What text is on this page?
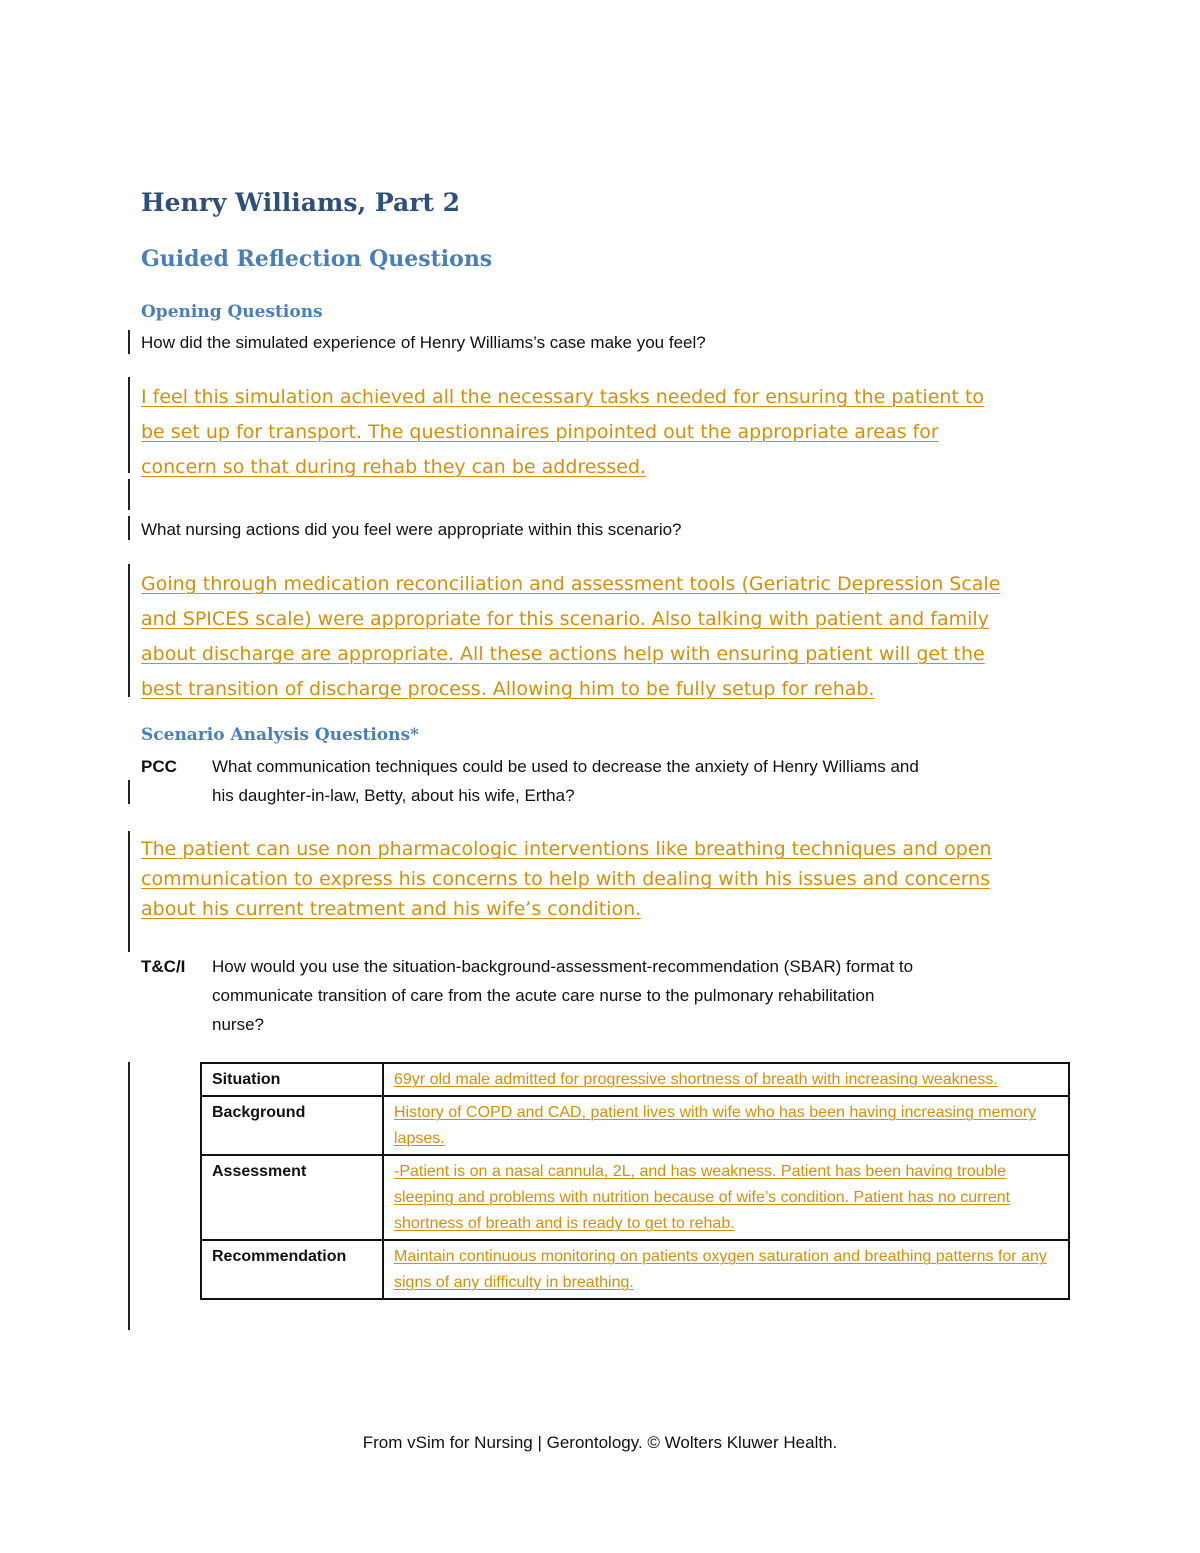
Henry Williams, Part 2
Guided Reflection Questions
Opening Questions
How did the simulated experience of Henry Williams’s case make you feel?
I feel this simulation achieved all the necessary tasks needed for ensuring the patient to
be set up for transport. The questionnaires pinpointed out the appropriate areas for
concern so that during rehab they can be addressed.
What nursing actions did you feel were appropriate within this scenario?
Going through medication reconciliation and assessment tools (Geriatric Depression Scale
and SPICES scale) were appropriate for this scenario. Also talking with patient and family
about discharge are appropriate. All these actions help with ensuring patient will get the
best transition of discharge process. Allowing him to be fully setup for rehab.
Scenario Analysis Questions*
PCC What communication techniques could be used to decrease the anxiety of Henry Williams and
his daughter-in-law, Betty, about his wife, Ertha?
The patient can use non pharmacologic interventions like breathing techniques and open
communication to express his concerns to help with dealing with his issues and concerns
about his current treatment and his wife’s condition.
T&C/I How would you use the situation-background-assessment-recommendation (SBAR) format to
communicate transition of care from the acute care nurse to the pulmonary rehabilitation
nurse?
Situation	69yr old male admitted for progressive shortness of breath with increasing weakness.
Background	History of COPD and CAD, patient lives with wife who has been having increasing memory lapses.
Assessment	-Patient is on a nasal cannula, 2L, and has weakness. Patient has been having trouble sleeping and problems with nutrition because of wife’s condition. Patient has no current shortness of breath and is ready to get to rehab.
Recommendation	Maintain continuous monitoring on patients oxygen saturation and breathing patterns for any signs of any difficulty in breathing.
From vSim for Nursing | Gerontology. © Wolters Kluwer Health.
